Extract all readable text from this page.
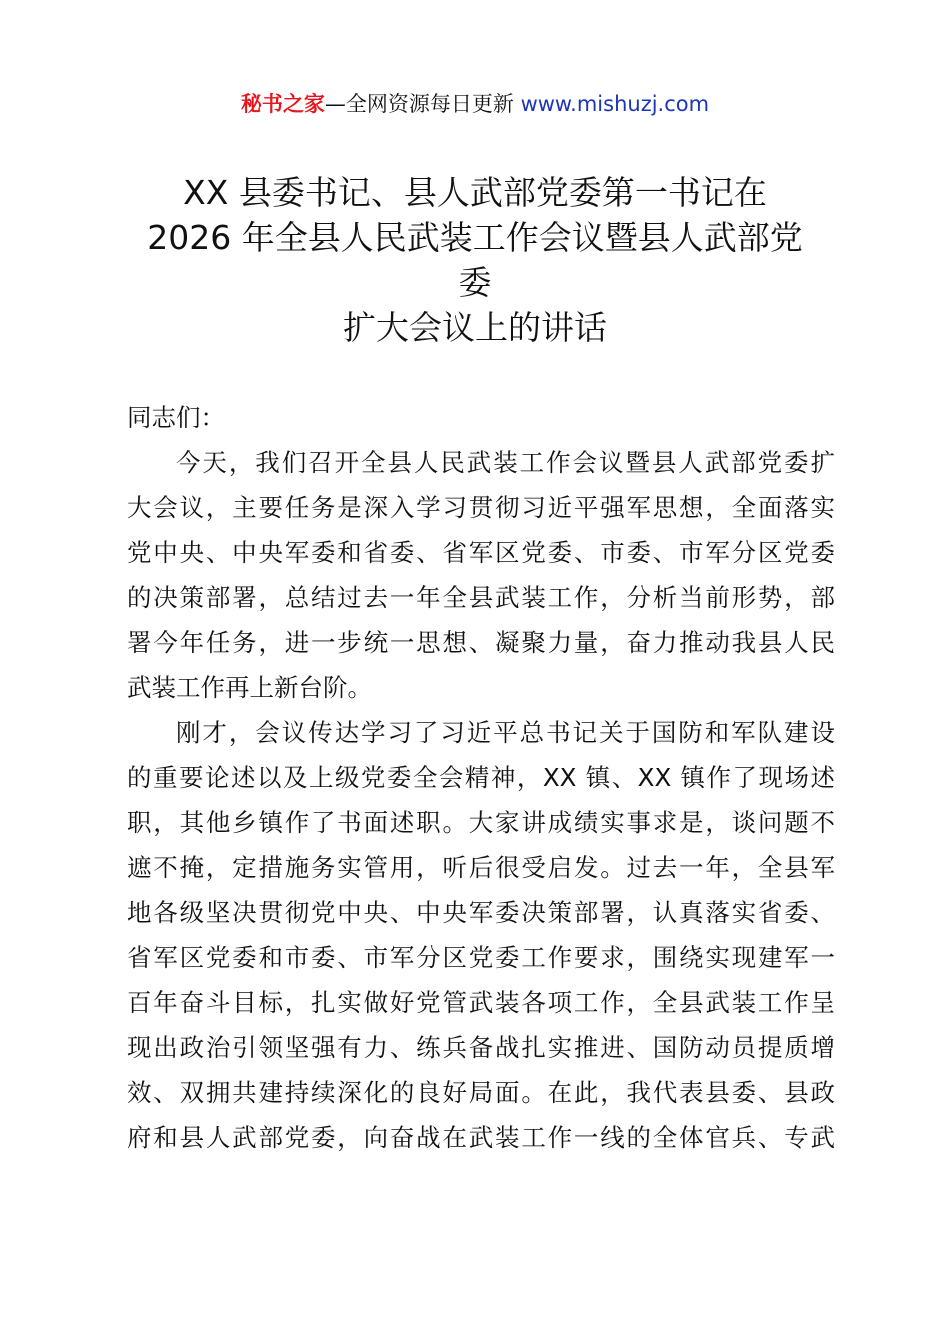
秘书之家—全网资源每日更新 www.mishuzj.com
XX 县委书记、县人武部党委第一书记在
2026 年全县人民武装工作会议暨县人武部党
委
扩大会议上的讲话
同志们：
今天，我们召开全县人民武装工作会议暨县人武部党委扩
大会议，主要任务是深入学习贯彻习近平强军思想，全面落实
党中央、中央军委和省委、省军区党委、市委、市军分区党委
的决策部署，总结过去一年全县武装工作，分析当前形势，部
署今年任务，进一步统一思想、凝聚力量，奋力推动我县人民
武装工作再上新台阶。
刚才，会议传达学习了习近平总书记关于国防和军队建设
的重要论述以及上级党委全会精神，XX 镇、XX 镇作了现场述
职，其他乡镇作了书面述职。大家讲成绩实事求是，谈问题不
遮不掩，定措施务实管用，听后很受启发。过去一年，全县军
地各级坚决贯彻党中央、中央军委决策部署，认真落实省委、
省军区党委和市委、市军分区党委工作要求，围绕实现建军一
百年奋斗目标，扎实做好党管武装各项工作，全县武装工作呈
现出政治引领坚强有力、练兵备战扎实推进、国防动员提质增
效、双拥共建持续深化的良好局面。在此，我代表县委、县政
府和县人武部党委，向奋战在武装工作一线的全体官兵、专武
